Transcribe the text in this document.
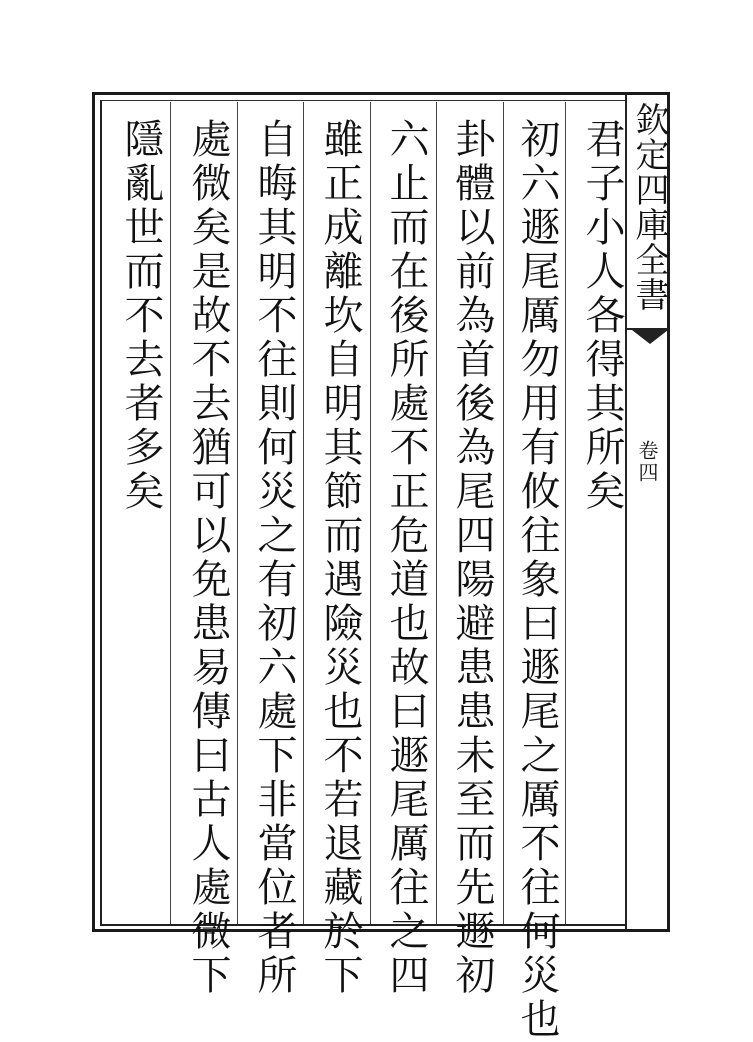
欽定四庫全書
卷四
君子小人各得其所矣
初六遯尾厲勿用有攸往象曰遯尾之厲不往何災也
卦體以前為首後為尾四陽避患患未至而先遯初
六止而在後所處不正危道也故曰遯尾厲往之四
雖正成離坎自明其節而遇險災也不若退藏於下
自晦其明不往則何災之有初六處下非當位者所
處微矣是故不去猶可以免患易傳曰古人處微下
隱亂世而不去者多矣
